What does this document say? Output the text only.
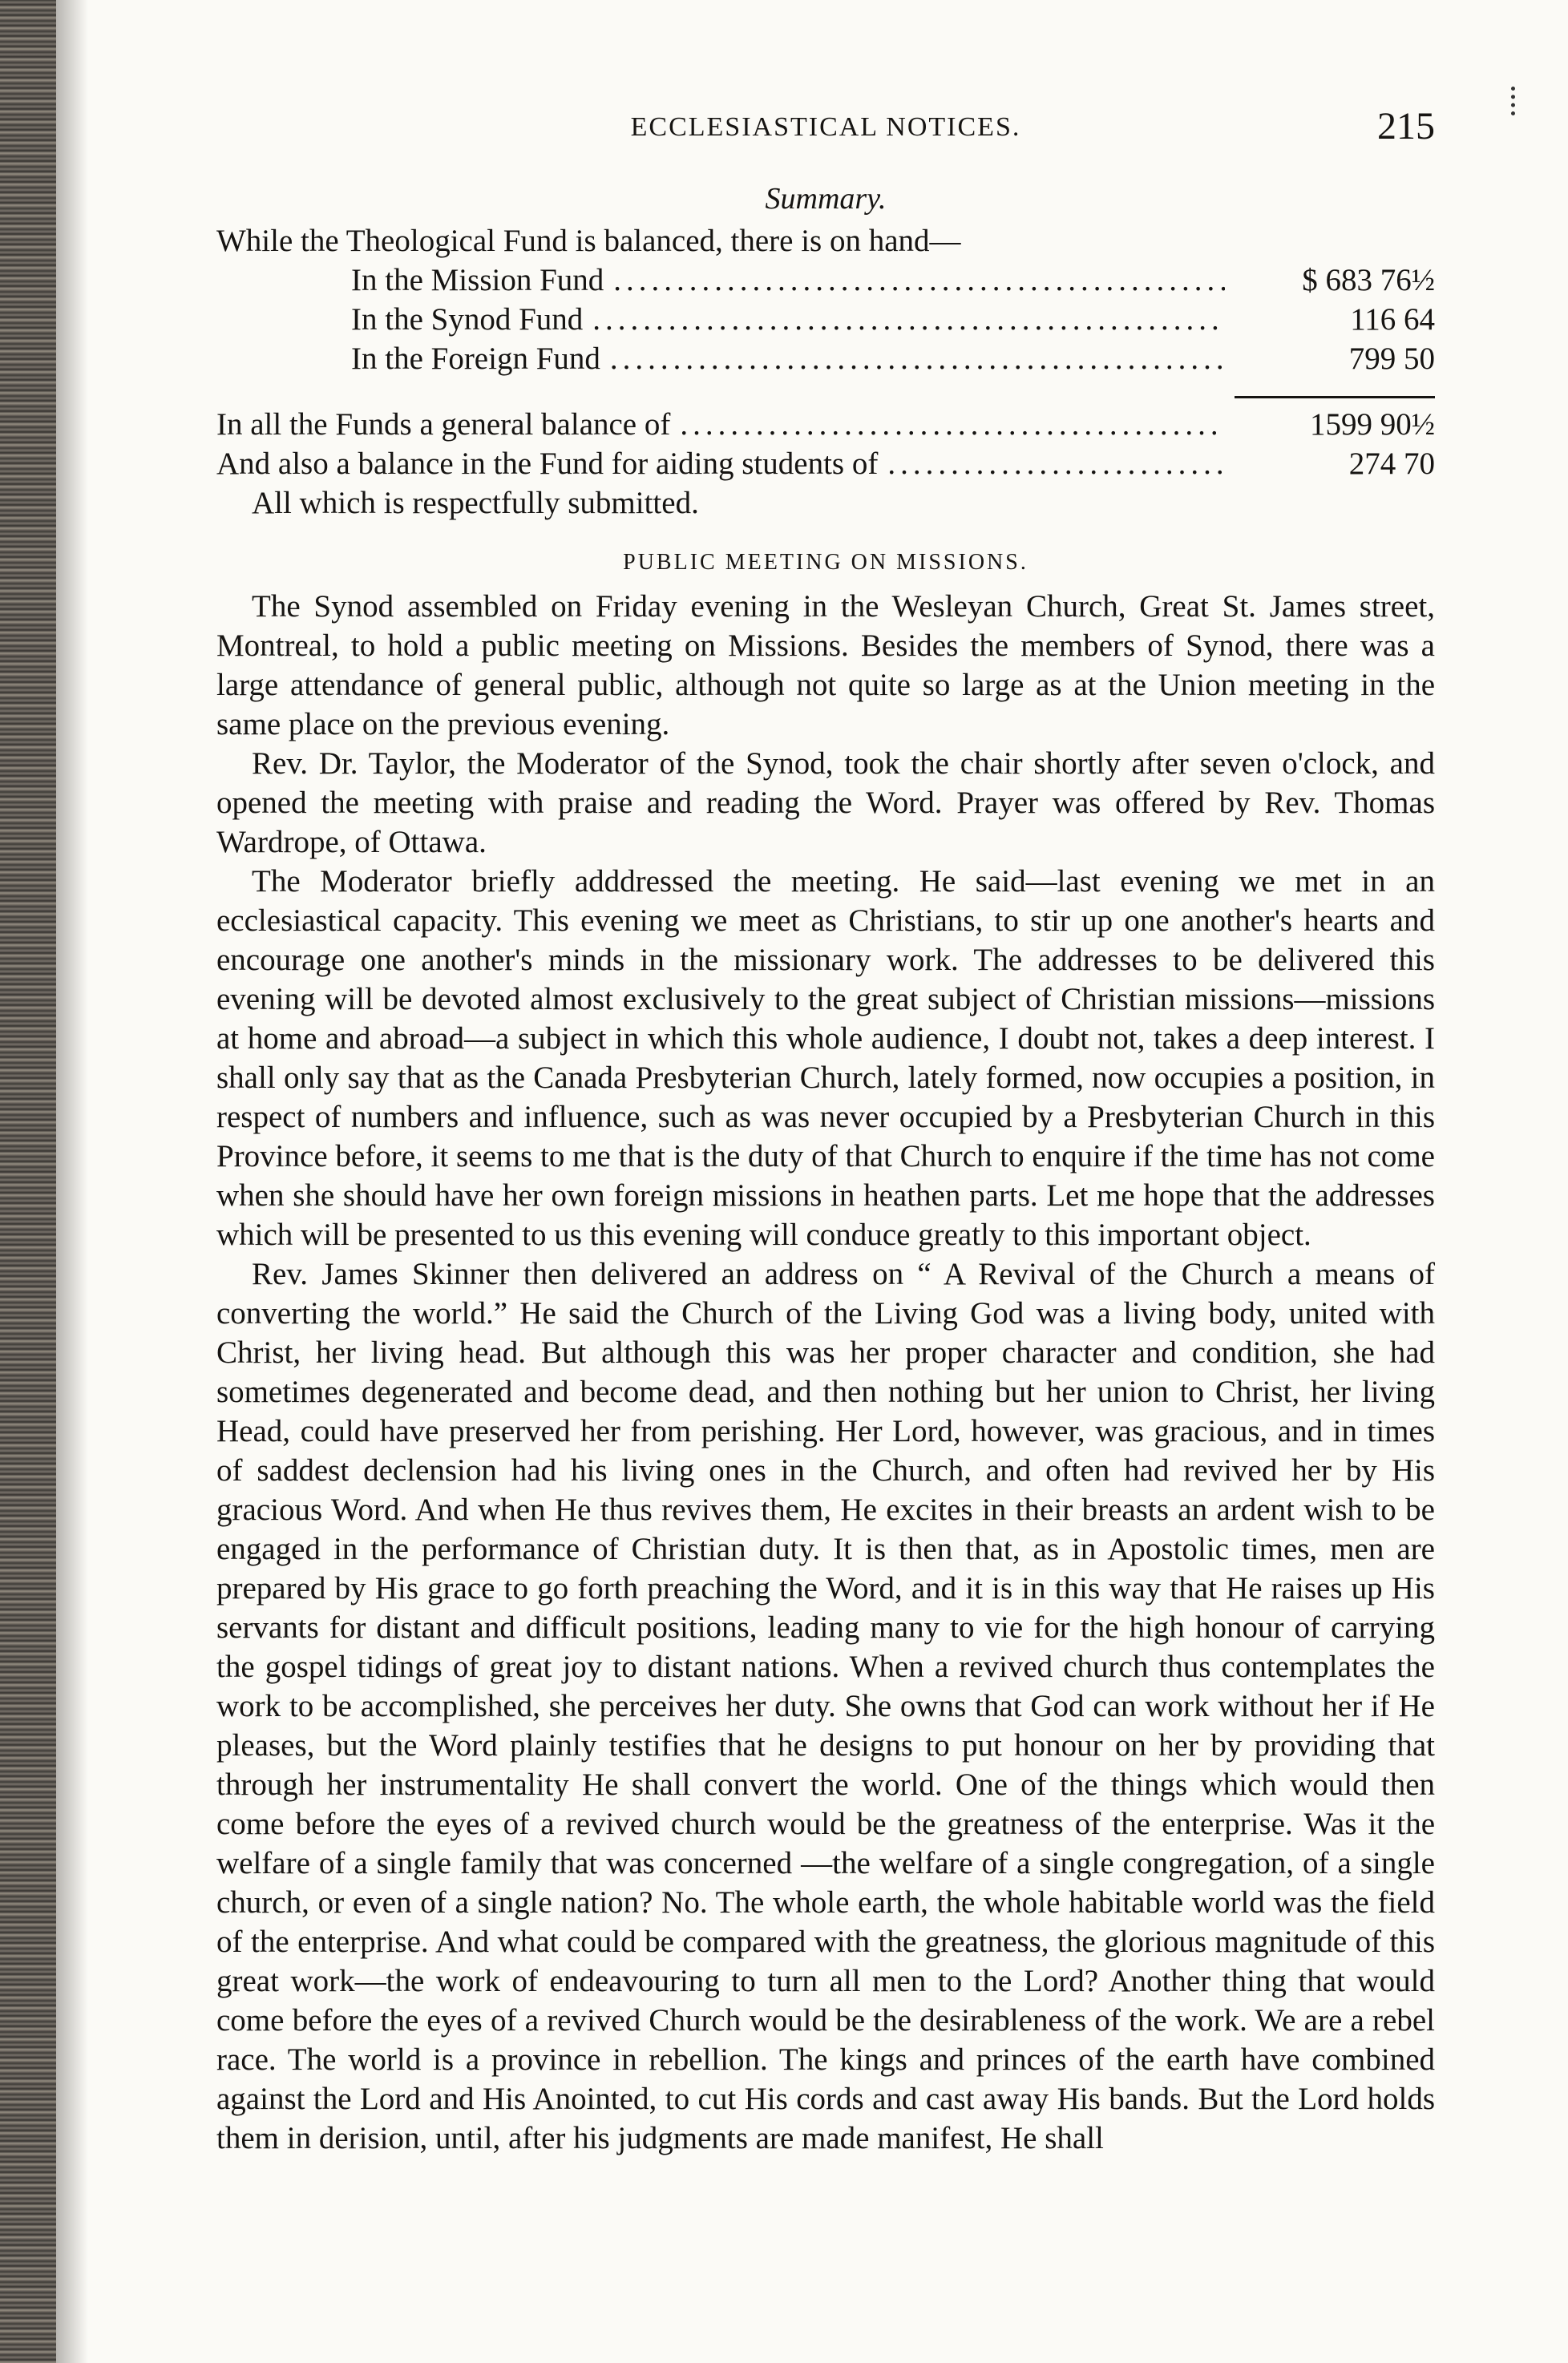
ECCLESIASTICAL NOTICES.	215
Summary.

While the Theological Fund is balanced, there is on hand—

In the Mission Fund .....	$ 683 76½
In the Synod Fund .....	116 64
In the Foreign Fund .....	799 50
In all the Funds a general balance of .....	1599 90½
And also a balance in the Fund for aiding students of .....	274 70
All which is respectfully submitted.
PUBLIC MEETING ON MISSIONS.

The Synod assembled on Friday evening in the Wesleyan Church, Great St. James street, Montreal, to hold a public meeting on Missions. Besides the members of Synod, there was a large attendance of general public, although not quite so large as at the Union meeting in the same place on the previous evening.

Rev. Dr. Taylor, the Moderator of the Synod, took the chair shortly after seven o'clock, and opened the meeting with praise and reading the Word. Prayer was offered by Rev. Thomas Wardrope, of Ottawa.

The Moderator briefly adddressed the meeting. He said—last evening we met in an ecclesiastical capacity. This evening we meet as Christians, to stir up one another's hearts and encourage one another's minds in the missionary work. The addresses to be delivered this evening will be devoted almost exclusively to the great subject of Christian missions—missions at home and abroad—a subject in which this whole audience, I doubt not, takes a deep interest. I shall only say that as the Canada Presbyterian Church, lately formed, now occupies a position, in respect of numbers and influence, such as was never occupied by a Presbyterian Church in this Province before, it seems to me that is the duty of that Church to enquire if the time has not come when she should have her own foreign missions in heathen parts. Let me hope that the addresses which will be presented to us this evening will conduce greatly to this important object.

Rev. James Skinner then delivered an address on “ A Revival of the Church a means of converting the world.” He said the Church of the Living God was a living body, united with Christ, her living head. But although this was her proper character and condition, she had sometimes degenerated and become dead, and then nothing but her union to Christ, her living Head, could have preserved her from perishing. Her Lord, however, was gracious, and in times of saddest declension had his living ones in the Church, and often had revived her by His gracious Word. And when He thus revives them, He excites in their breasts an ardent wish to be engaged in the performance of Christian duty. It is then that, as in Apostolic times, men are prepared by His grace to go forth preaching the Word, and it is in this way that He raises up His servants for distant and difficult positions, leading many to vie for the high honour of carrying the gospel tidings of great joy to distant nations. When a revived church thus contemplates the work to be accomplished, she perceives her duty. She owns that God can work without her if He pleases, but the Word plainly testifies that he designs to put honour on her by providing that through her instrumentality He shall convert the world. One of the things which would then come before the eyes of a revived church would be the greatness of the enterprise. Was it the welfare of a single family that was concerned —the welfare of a single congregation, of a single church, or even of a single nation? No. The whole earth, the whole habitable world was the field of the enterprise. And what could be compared with the greatness, the glorious magnitude of this great work—the work of endeavouring to turn all men to the Lord? Another thing that would come before the eyes of a revived Church would be the desirableness of the work. We are a rebel race. The world is a province in rebellion. The kings and princes of the earth have combined against the Lord and His Anointed, to cut His cords and cast away His bands. But the Lord holds them in derision, until, after his judgments are made manifest, He shall
